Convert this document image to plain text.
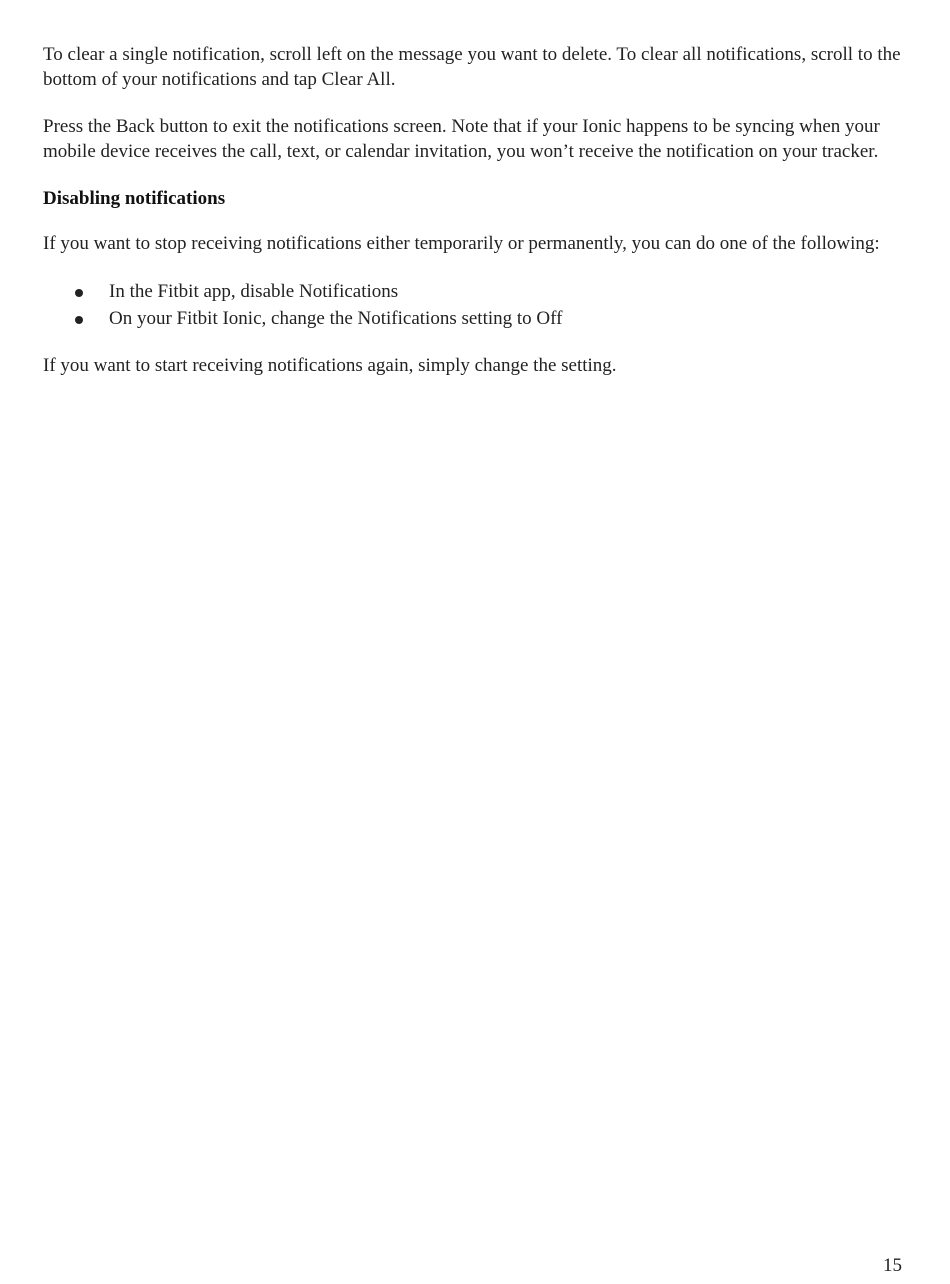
To clear a single notification, scroll left on the message you want to delete. To clear all notifications, scroll to the bottom of your notifications and tap Clear All.

Press the Back button to exit the notifications screen. Note that if your Ionic happens to be syncing when your mobile device receives the call, text, or calendar invitation, you won’t receive the notification on your tracker.

Disabling notifications

If you want to stop receiving notifications either temporarily or permanently, you can do one of the following:

In the Fitbit app, disable Notifications
On your Fitbit Ionic, change the Notifications setting to Off

If you want to start receiving notifications again, simply change the setting.

15
